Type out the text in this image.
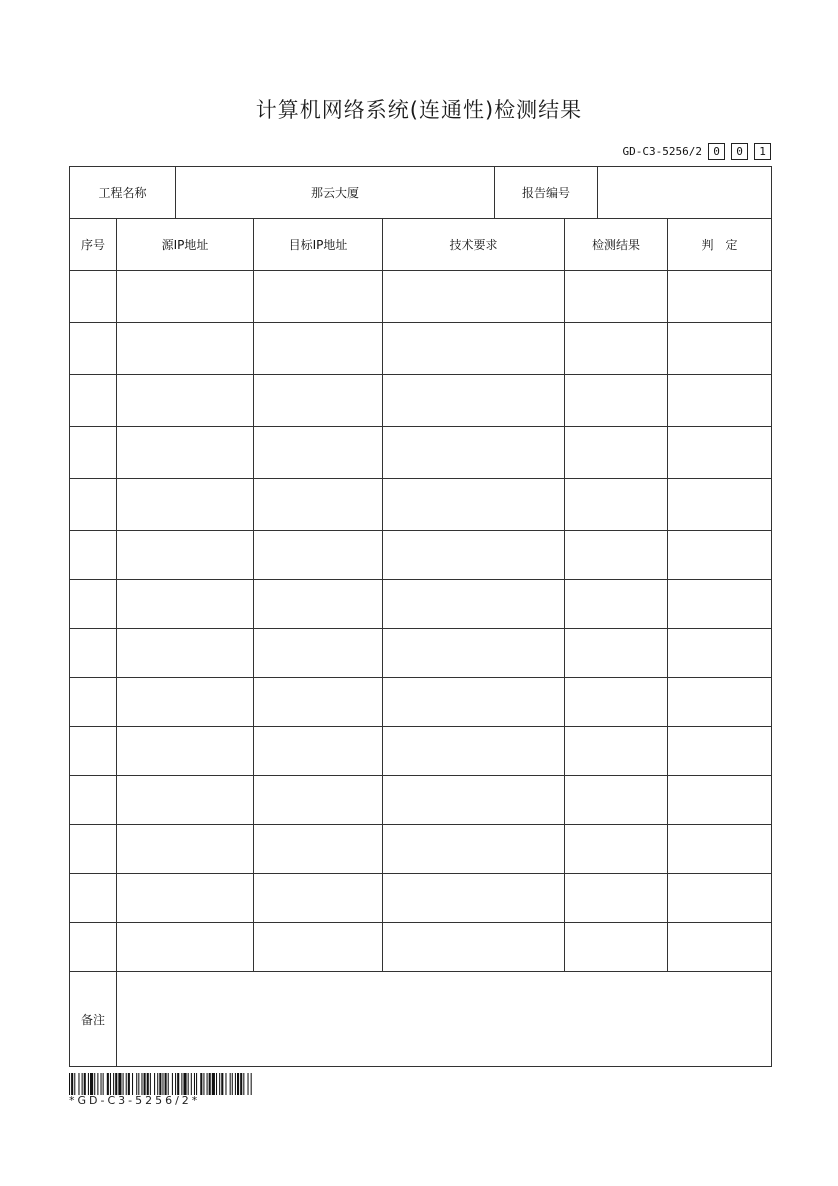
计算机网络系统(连通性)检测结果
GD-C3-5256/2	0	0	1
工程名称		那云大厦			报告编号			
序号	源IP地址		目标IP地址	技术要求		检测结果		判　定

备注								
*GD-C3-5256/2*
